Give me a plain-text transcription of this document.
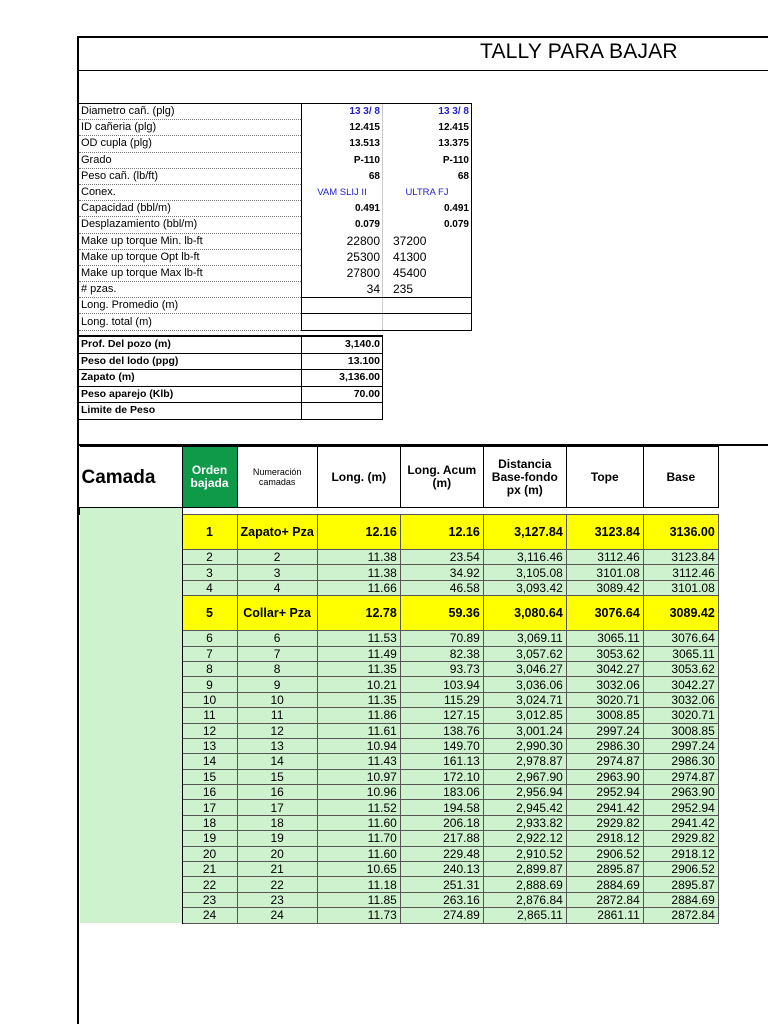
TALLY PARA BAJAR
Diametro cañ. (plg)	13 3/ 8	13 3/ 8
ID cañeria (plg)	12.415	12.415
OD cupla (plg)	13.513	13.375
Grado	P-110	P-110
Peso cañ. (lb/ft)	68	68
Conex.	VAM SLIJ II	ULTRA FJ
Capacidad (bbl/m)	0.491	0.491
Desplazamiento (bbl/m)	0.079	0.079
Make up torque Min. lb-ft	22800	37200
Make up torque Opt lb-ft	25300	41300
Make up torque Max lb-ft	27800	45400
# pzas.	34	235
Long. Promedio (m)		
Long. total (m)		
Prof. Del pozo (m)	3,140.0
Peso del lodo (ppg)	13.100
Zapato (m)	3,136.00
Peso aparejo (Klb)	70.00
Limite de Peso	
Camada	Orden bajada	Numeración camadas	Long. (m)	Long. Acum (m)	Distancia Base-fondo px (m)	Tope	Base

	1	Zapato+ Pza	12.16	12.16	3,127.84	3123.84	3136.00
	2	2	11.38	23.54	3,116.46	3112.46	3123.84
	3	3	11.38	34.92	3,105.08	3101.08	3112.46
	4	4	11.66	46.58	3,093.42	3089.42	3101.08
	5	Collar+ Pza	12.78	59.36	3,080.64	3076.64	3089.42
	6	6	11.53	70.89	3,069.11	3065.11	3076.64
	7	7	11.49	82.38	3,057.62	3053.62	3065.11
	8	8	11.35	93.73	3,046.27	3042.27	3053.62
	9	9	10.21	103.94	3,036.06	3032.06	3042.27
	10	10	11.35	115.29	3,024.71	3020.71	3032.06
	11	11	11.86	127.15	3,012.85	3008.85	3020.71
	12	12	11.61	138.76	3,001.24	2997.24	3008.85
	13	13	10.94	149.70	2,990.30	2986.30	2997.24
	14	14	11.43	161.13	2,978.87	2974.87	2986.30
	15	15	10.97	172.10	2,967.90	2963.90	2974.87
	16	16	10.96	183.06	2,956.94	2952.94	2963.90
	17	17	11.52	194.58	2,945.42	2941.42	2952.94
	18	18	11.60	206.18	2,933.82	2929.82	2941.42
	19	19	11.70	217.88	2,922.12	2918.12	2929.82
	20	20	11.60	229.48	2,910.52	2906.52	2918.12
	21	21	10.65	240.13	2,899.87	2895.87	2906.52
	22	22	11.18	251.31	2,888.69	2884.69	2895.87
	23	23	11.85	263.16	2,876.84	2872.84	2884.69
	24	24	11.73	274.89	2,865.11	2861.11	2872.84
